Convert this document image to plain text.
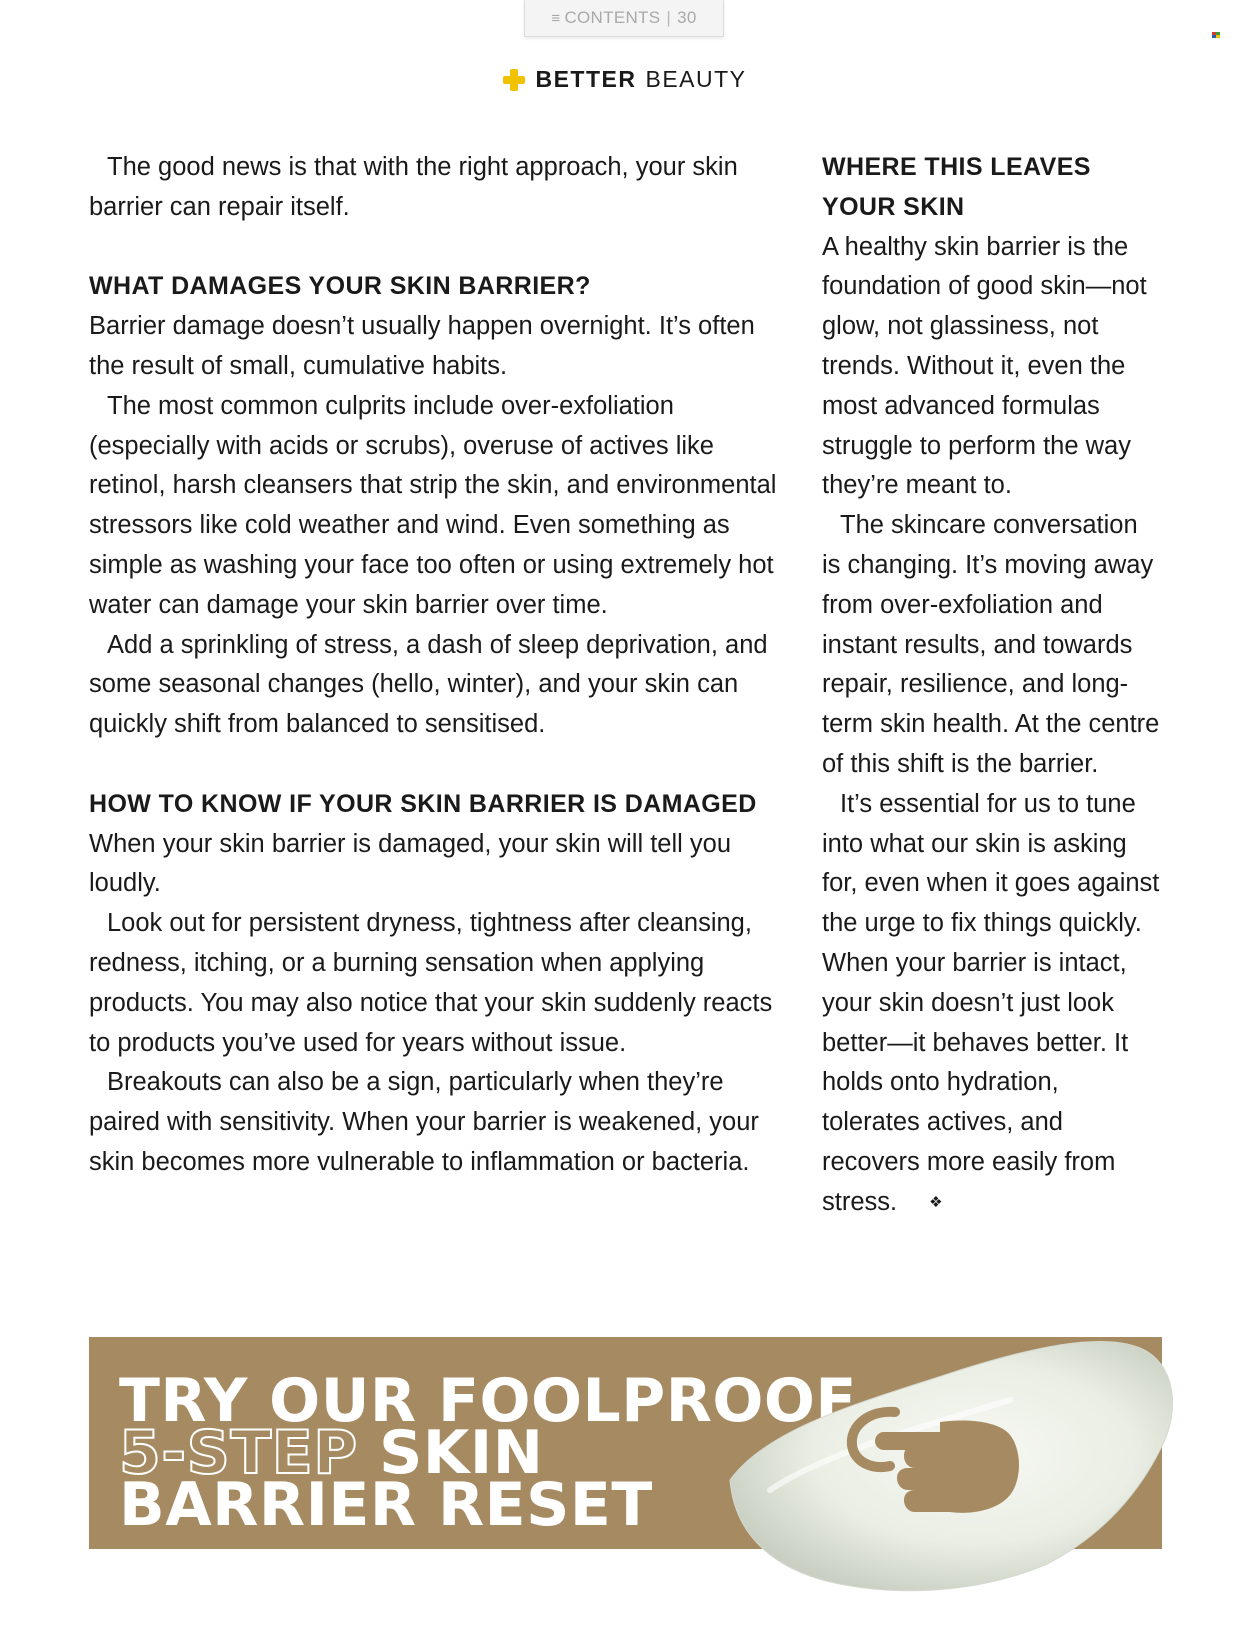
≡ CONTENTS | 30
BETTER BEAUTY

The good news is that with the right approach, your skin barrier can repair itself.

WHAT DAMAGES YOUR SKIN BARRIER?

Barrier damage doesn’t usually happen overnight. It’s often the result of small, cumulative habits.

The most common culprits include over-exfoliation (especially with acids or scrubs), overuse of actives like retinol, harsh cleansers that strip the skin, and environmental stressors like cold weather and wind. Even something as simple as washing your face too often or using extremely hot water can damage your skin barrier over time.

Add a sprinkling of stress, a dash of sleep deprivation, and some seasonal changes (hello, winter), and your skin can quickly shift from balanced to sensitised.

HOW TO KNOW IF YOUR SKIN BARRIER IS DAMAGED

When your skin barrier is damaged, your skin will tell you loudly.

Look out for persistent dryness, tightness after cleansing, redness, itching, or a burning sensation when applying products. You may also notice that your skin suddenly reacts to products you’ve used for years without issue.

Breakouts can also be a sign, particularly when they’re paired with sensitivity. When your barrier is weakened, your skin becomes more vulnerable to inflammation or bacteria.

WHERE THIS LEAVES YOUR SKIN

A healthy skin barrier is the foundation of good skin—not glow, not glassiness, not trends. Without it, even the most advanced formulas struggle to perform the way they’re meant to.

The skincare conversation is changing. It’s moving away from over-exfoliation and instant results, and towards repair, resilience, and long-term skin health. At the centre of this shift is the barrier.

It’s essential for us to tune into what our skin is asking for, even when it goes against the urge to fix things quickly. When your barrier is intact, your skin doesn’t just look better—it behaves better. It holds onto hydration, tolerates actives, and recovers more easily from stress. ❖

TRY OUR FOOLPROOF
5-STEP SKIN
BARRIER RESET
